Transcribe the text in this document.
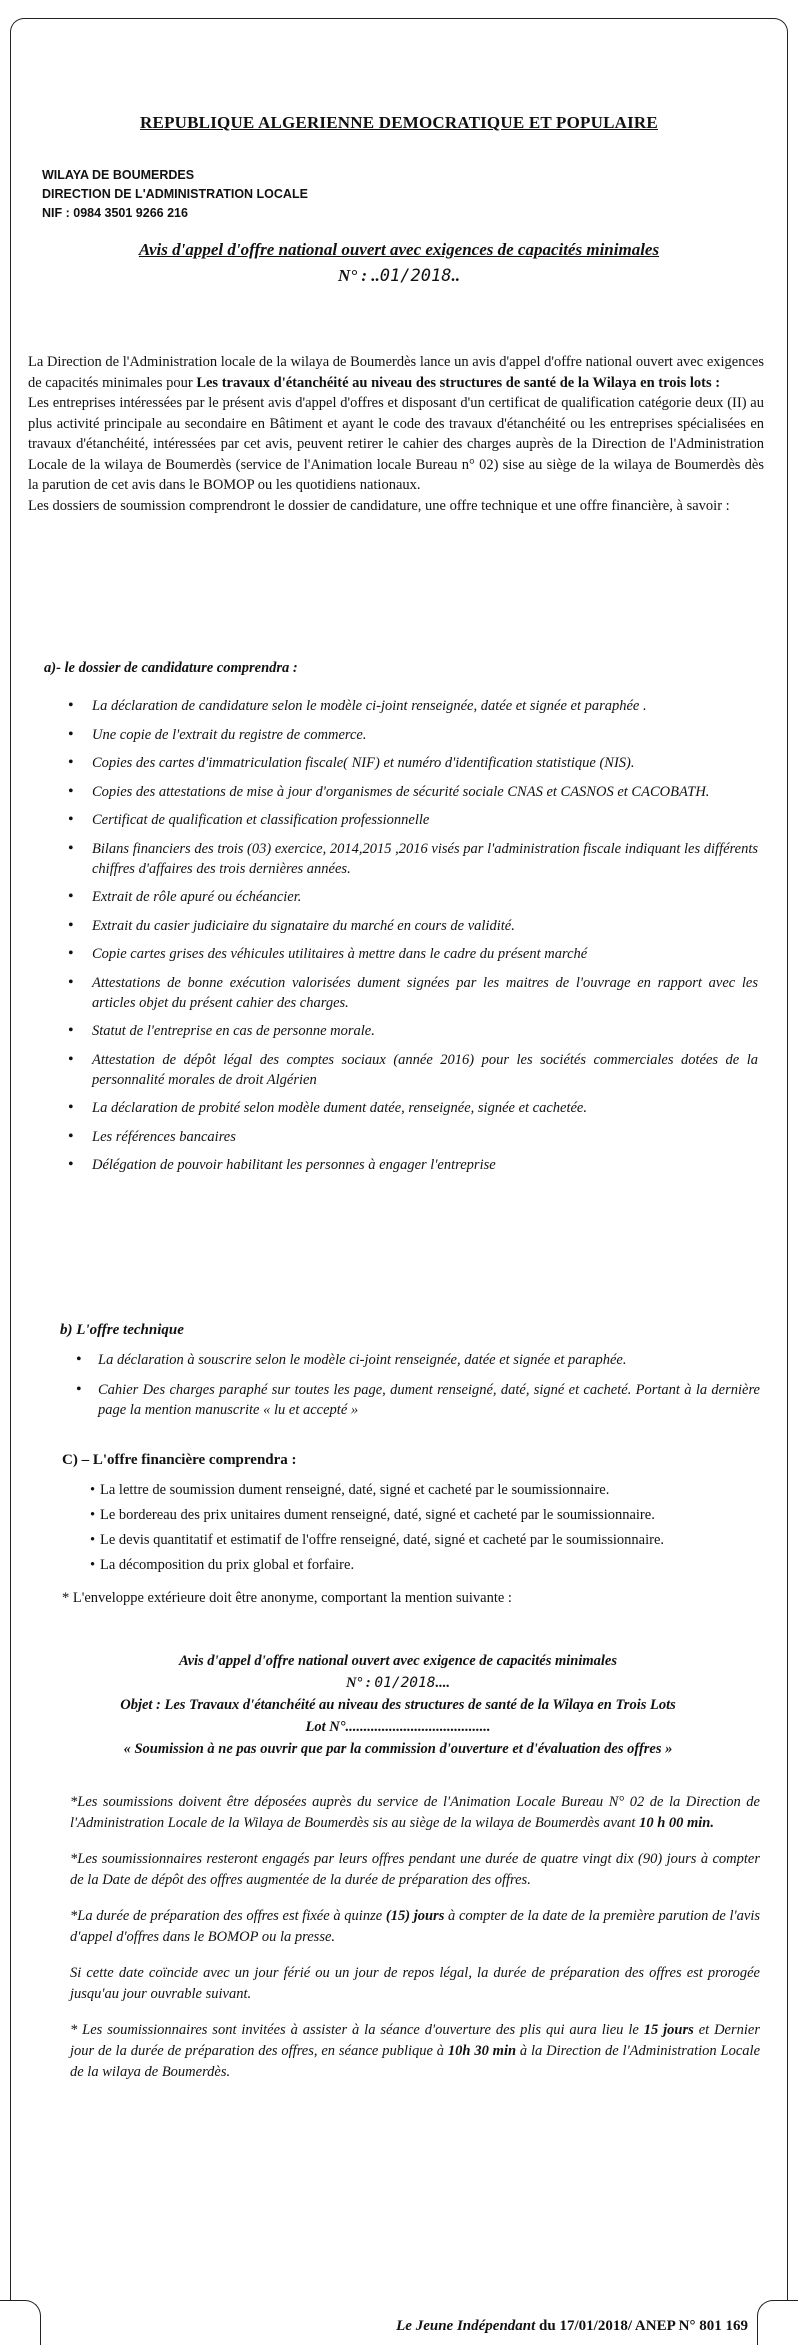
REPUBLIQUE ALGERIENNE DEMOCRATIQUE ET POPULAIRE
WILAYA DE BOUMERDES
DIRECTION DE L'ADMINISTRATION LOCALE
NIF : 0984 3501 9266 216
Avis d'appel d'offre national ouvert avec exigences de capacités minimales
N° : ..01/2018..

La Direction de l'Administration locale de la wilaya de Boumerdès lance un avis d'appel d'offre national ouvert avec exigences de capacités minimales pour Les travaux d'étanchéité au niveau des structures de santé de la Wilaya en trois lots :

Les entreprises intéressées par le présent avis d'appel d'offres et disposant d'un certificat de qualification catégorie deux (II) au plus activité principale au secondaire en Bâtiment et ayant le code des travaux d'étanchéité ou les entreprises spécialisées en travaux d'étanchéité, intéressées par cet avis, peuvent retirer le cahier des charges auprès de la Direction de l'Administration Locale de la wilaya de Boumerdès (service de l'Animation locale Bureau n° 02) sise au siège de la wilaya de Boumerdès dès la parution de cet avis dans le BOMOP ou les quotidiens nationaux.

Les dossiers de soumission comprendront le dossier de candidature, une offre technique et une offre financière, à savoir :

a)- le dossier de candidature comprendra :
• La déclaration de candidature selon le modèle ci-joint renseignée, datée et signée et paraphée .
• Une copie de l'extrait du registre de commerce.
• Copies des cartes d'immatriculation fiscale( NIF) et numéro d'identification statistique (NIS).
• Copies des attestations de mise à jour d'organismes de sécurité sociale CNAS et CASNOS et CACOBATH.
• Certificat de qualification et classification professionnelle
• Bilans financiers des trois (03) exercice, 2014,2015 ,2016 visés par l'administration fiscale indiquant les différents chiffres d'affaires des trois dernières années.
• Extrait de rôle apuré ou échéancier.
• Extrait du casier judiciaire du signataire du marché en cours de validité.
• Copie cartes grises des véhicules utilitaires à mettre dans le cadre du présent marché
• Attestations de bonne exécution valorisées dument signées par les maitres de l'ouvrage en rapport avec les articles objet du présent cahier des charges.
• Statut de l'entreprise en cas de personne morale.
• Attestation de dépôt légal des comptes sociaux (année 2016) pour les sociétés commerciales dotées de la personnalité morales de droit Algérien
• La déclaration de probité selon modèle dument datée, renseignée, signée et cachetée.
• Les références bancaires
• Délégation de pouvoir habilitant les personnes à engager l'entreprise
b) L'offre technique
• La déclaration à souscrire selon le modèle ci-joint renseignée, datée et signée et paraphée.
• Cahier Des charges paraphé sur toutes les page, dument renseigné, daté, signé et cacheté. Portant à la dernière page la mention manuscrite « lu et accepté »
C) – L'offre financière comprendra :
• La lettre de soumission dument renseigné, daté, signé et cacheté par le soumissionnaire.
• Le bordereau des prix unitaires dument renseigné, daté, signé et cacheté par le soumissionnaire.
• Le devis quantitatif et estimatif de l'offre renseigné, daté, signé et cacheté par le soumissionnaire.
• La décomposition du prix global et forfaire.
* L'enveloppe extérieure doit être anonyme, comportant la mention suivante :
Avis d'appel d'offre national ouvert avec exigence de capacités minimales
N° : 01/2018....
Objet : Les Travaux d'étanchéité au niveau des structures de santé de la Wilaya en Trois Lots
Lot N°........................................
« Soumission à ne pas ouvrir que par la commission d'ouverture et d'évaluation des offres »

*Les soumissions doivent être déposées auprès du service de l'Animation Locale Bureau N° 02 de la Direction de l'Administration Locale de la Wilaya de Boumerdès sis au siège de la wilaya de Boumerdès avant 10 h 00 min.

*Les soumissionnaires resteront engagés par leurs offres pendant une durée de quatre vingt dix (90) jours à compter de la Date de dépôt des offres augmentée de la durée de préparation des offres.

*La durée de préparation des offres est fixée à quinze (15) jours à compter de la date de la première parution de l'avis d'appel d'offres dans le BOMOP ou la presse.

Si cette date coïncide avec un jour férié ou un jour de repos légal, la durée de préparation des offres est prorogée jusqu'au jour ouvrable suivant.

* Les soumissionnaires sont invitées à assister à la séance d'ouverture des plis qui aura lieu le 15 jours et Dernier jour de la durée de préparation des offres, en séance publique à 10h 30 min à la Direction de l'Administration Locale de la wilaya de Boumerdès.

Le Jeune Indépendant du 17/01/2018/ ANEP N° 801 169
